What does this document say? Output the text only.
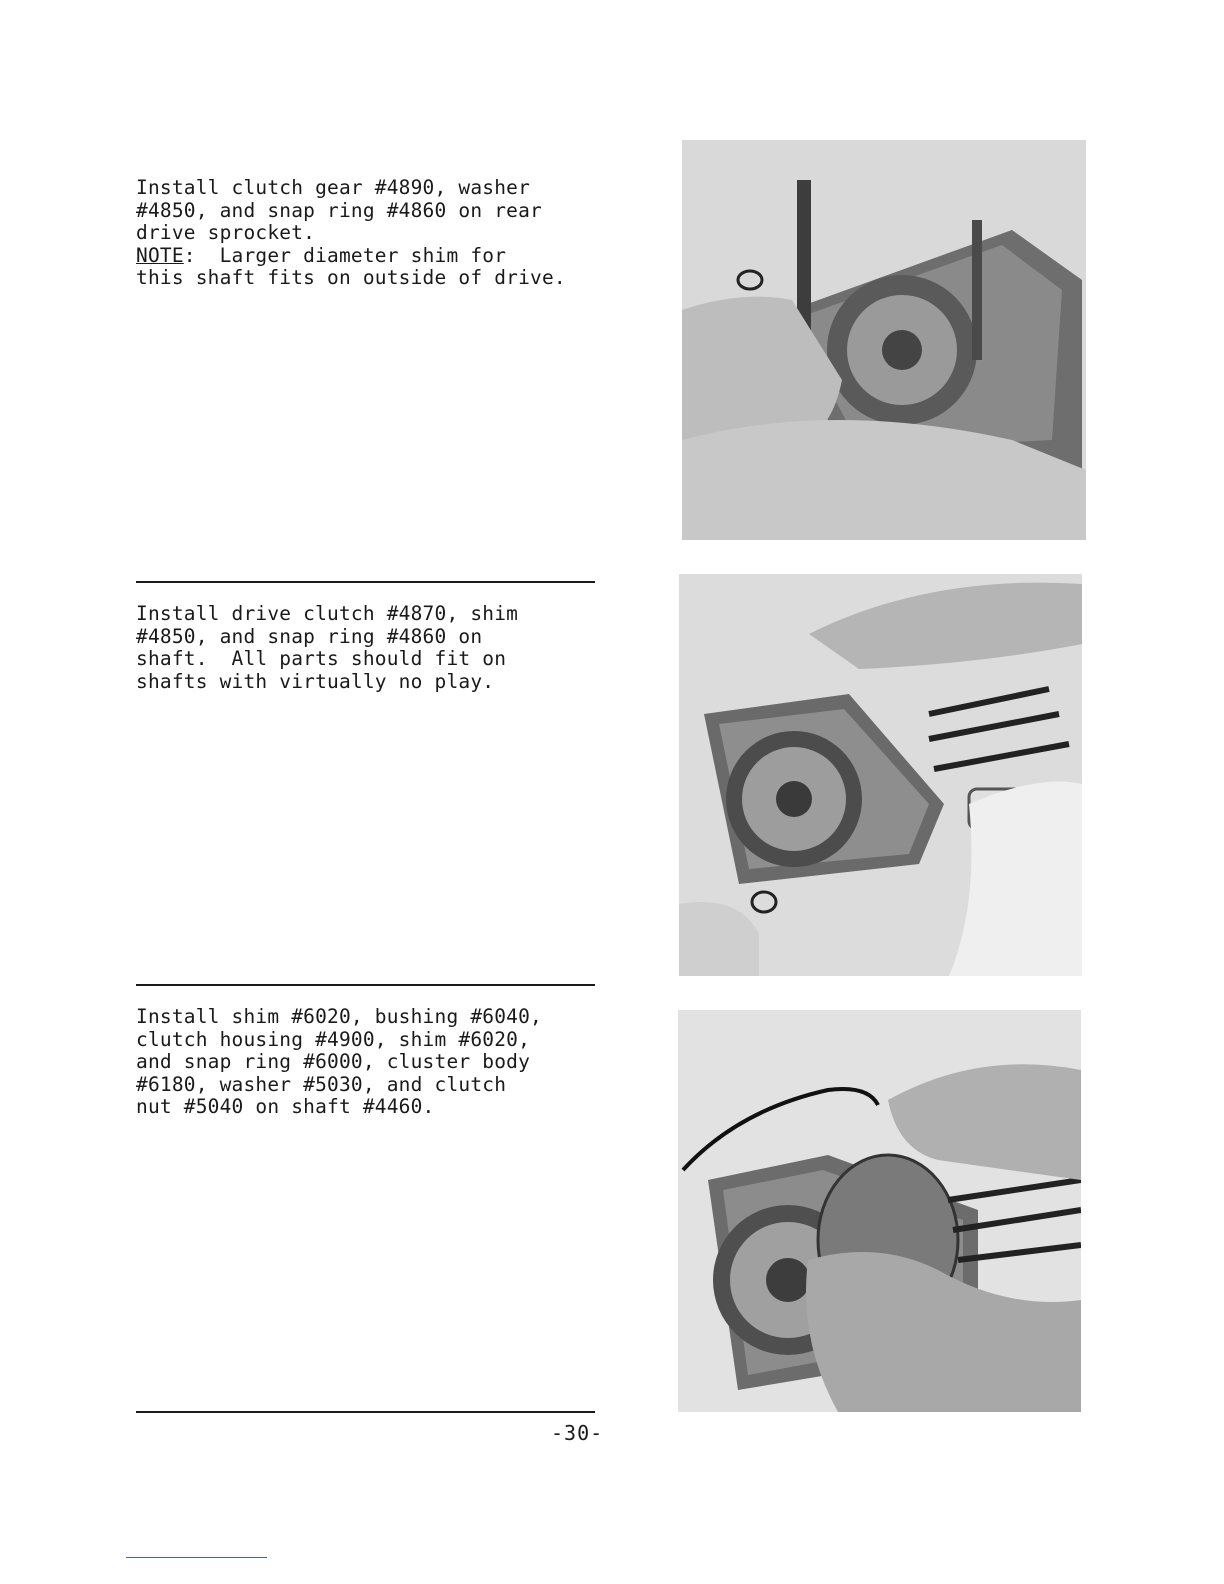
Install clutch gear #4890, washer
#4850, and snap ring #4860 on rear
drive sprocket.
NOTE:  Larger diameter shim for
this shaft fits on outside of drive.
Install drive clutch #4870, shim
#4850, and snap ring #4860 on
shaft.  All parts should fit on
shafts with virtually no play.
Install shim #6020, bushing #6040,
clutch housing #4900, shim #6020,
and snap ring #6000, cluster body
#6180, washer #5030, and clutch
nut #5040 on shaft #4460.
-30-
